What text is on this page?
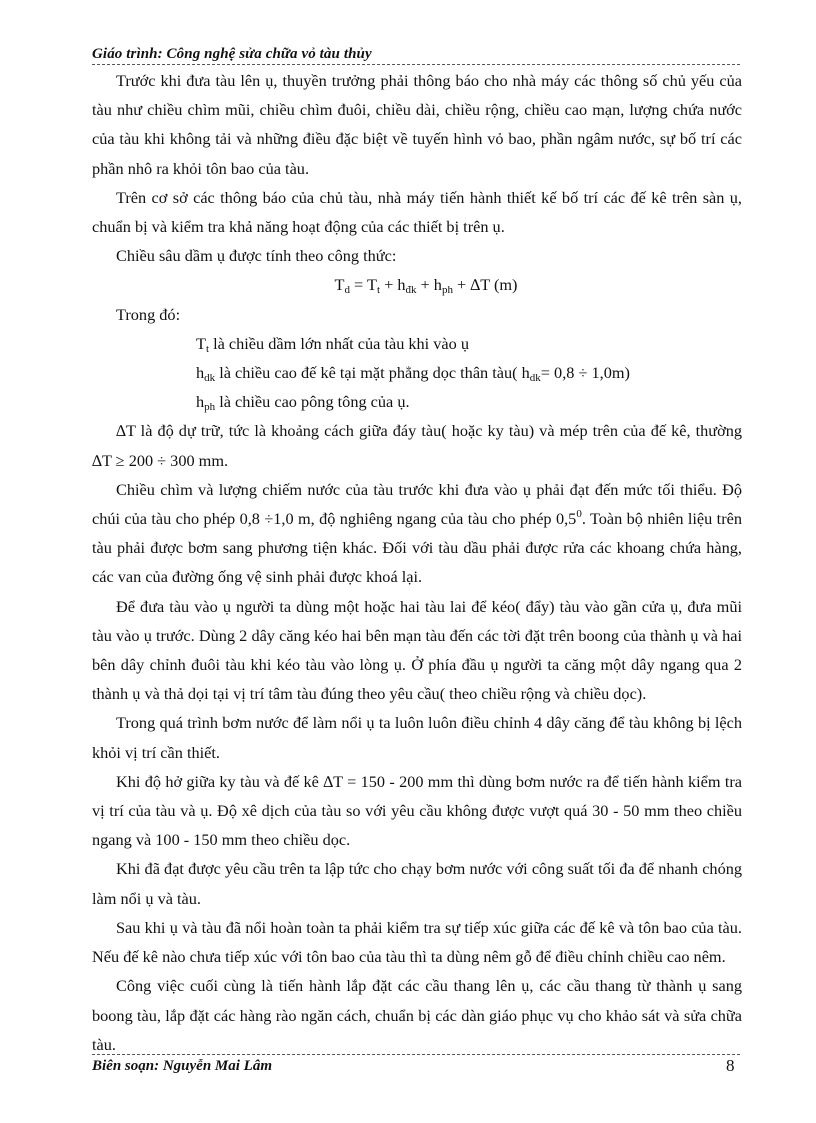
Giáo trình: Công nghệ sửa chữa vỏ tàu thủy

Trước khi đưa tàu lên ụ, thuyền trưởng phải thông báo cho nhà máy các thông số chủ yếu của tàu như chiều chìm mũi, chiều chìm đuôi, chiều dài, chiều rộng, chiều cao mạn, lượng chứa nước của tàu khi không tải và những điều đặc biệt về tuyến hình vỏ bao, phần ngâm nước, sự bố trí các phần nhô ra khỏi tôn bao của tàu.

Trên cơ sở các thông báo của chủ tàu, nhà máy tiến hành thiết kế bố trí các đế kê trên sàn ụ, chuẩn bị và kiểm tra khả năng hoạt động của các thiết bị trên ụ.

Chiều sâu dầm ụ được tính theo công thức:

$T_d = T_t + h_{đk} + h_{ph} + \Delta T$ (m)

Trong đó:

$T_t$ là chiều dầm lớn nhất của tàu khi vào ụ

$h_{dk}$ là chiều cao đế kê tại mặt phẳng dọc thân tàu( $h_{dk}= 0,8 \div 1,0m$)

$h_{ph}$ là chiều cao pông tông của ụ.

∆T là độ dự trữ, tức là khoảng cách giữa đáy tàu( hoặc ky tàu) và mép trên của đế kê, thường ∆T ≥ 200 ÷ 300 mm.

Chiều chìm và lượng chiếm nước của tàu trước khi đưa vào ụ phải đạt đến mức tối thiểu. Độ chúi của tàu cho phép 0,8 ÷1,0 m, độ nghiêng ngang của tàu cho phép $0,5^0$. Toàn bộ nhiên liệu trên tàu phải được bơm sang phương tiện khác. Đối với tàu dầu phải được rửa các khoang chứa hàng, các van của đường ống vệ sinh phải được khoá lại.

Để đưa tàu vào ụ người ta dùng một hoặc hai tàu lai để kéo( đẩy) tàu vào gần cửa ụ, đưa mũi tàu vào ụ trước. Dùng 2 dây căng kéo hai bên mạn tàu đến các tời đặt trên boong của thành ụ và hai bên dây chỉnh đuôi tàu khi kéo tàu vào lòng ụ. Ở phía đầu ụ người ta căng một dây ngang qua 2 thành ụ và thả dọi tại vị trí tâm tàu đúng theo yêu cầu( theo chiều rộng và chiều dọc).

Trong quá trình bơm nước để làm nổi ụ ta luôn luôn điều chỉnh 4 dây căng để tàu không bị lệch khỏi vị trí cần thiết.

Khi độ hở giữa ky tàu và đế kê ∆T = 150 - 200 mm thì dùng bơm nước ra để tiến hành kiểm tra vị trí của tàu và ụ. Độ xê dịch của tàu so với yêu cầu không được vượt quá 30 - 50 mm theo chiều ngang và 100 - 150 mm theo chiều dọc.

Khi đã đạt được yêu cầu trên ta lập tức cho chạy bơm nước với công suất tối đa để nhanh chóng làm nổi ụ và tàu.

Sau khi ụ và tàu đã nổi hoàn toàn ta phải kiểm tra sự tiếp xúc giữa các đế kê và tôn bao của tàu. Nếu đế kê nào chưa tiếp xúc với tôn bao của tàu thì ta dùng nêm gỗ để điều chỉnh chiều cao nêm.

Công việc cuối cùng là tiến hành lắp đặt các cầu thang lên ụ, các cầu thang từ thành ụ sang boong tàu, lắp đặt các hàng rào ngăn cách, chuẩn bị các dàn giáo phục vụ cho khảo sát và sửa chữa tàu.

Biên soạn: Nguyễn Mai Lâm	8
